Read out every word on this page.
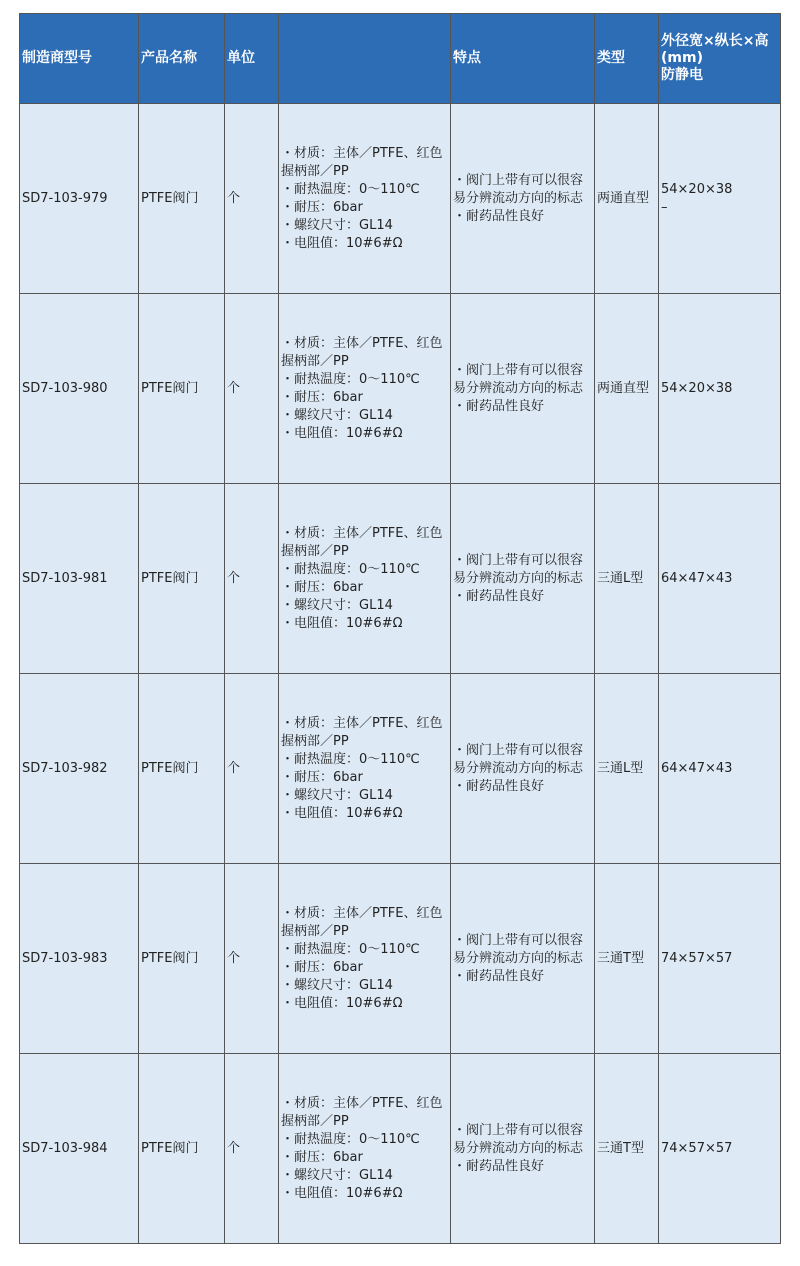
制造商型号	产品名称	单位		特点	类型	外径宽×纵长×高(mm)
防静电
SD7-103-979	PTFE阀门	个	・材质：主体／PTFE、红色握柄部／PP
・耐热温度：0～110℃
・耐压：6bar
・螺纹尺寸：GL14
・电阻值：10#6#Ω	・阀门上带有可以很容易分辨流动方向的标志
・耐药品性良好	两通直型	54×20×38
–
SD7-103-980	PTFE阀门	个	・材质：主体／PTFE、红色握柄部／PP
・耐热温度：0～110℃
・耐压：6bar
・螺纹尺寸：GL14
・电阻值：10#6#Ω	・阀门上带有可以很容易分辨流动方向的标志
・耐药品性良好	两通直型	54×20×38
SD7-103-981	PTFE阀门	个	・材质：主体／PTFE、红色握柄部／PP
・耐热温度：0～110℃
・耐压：6bar
・螺纹尺寸：GL14
・电阻值：10#6#Ω	・阀门上带有可以很容易分辨流动方向的标志
・耐药品性良好	三通L型	64×47×43
SD7-103-982	PTFE阀门	个	・材质：主体／PTFE、红色握柄部／PP
・耐热温度：0～110℃
・耐压：6bar
・螺纹尺寸：GL14
・电阻值：10#6#Ω	・阀门上带有可以很容易分辨流动方向的标志
・耐药品性良好	三通L型	64×47×43
SD7-103-983	PTFE阀门	个	・材质：主体／PTFE、红色握柄部／PP
・耐热温度：0～110℃
・耐压：6bar
・螺纹尺寸：GL14
・电阻值：10#6#Ω	・阀门上带有可以很容易分辨流动方向的标志
・耐药品性良好	三通T型	74×57×57
SD7-103-984	PTFE阀门	个	・材质：主体／PTFE、红色握柄部／PP
・耐热温度：0～110℃
・耐压：6bar
・螺纹尺寸：GL14
・电阻值：10#6#Ω	・阀门上带有可以很容易分辨流动方向的标志
・耐药品性良好	三通T型	74×57×57
